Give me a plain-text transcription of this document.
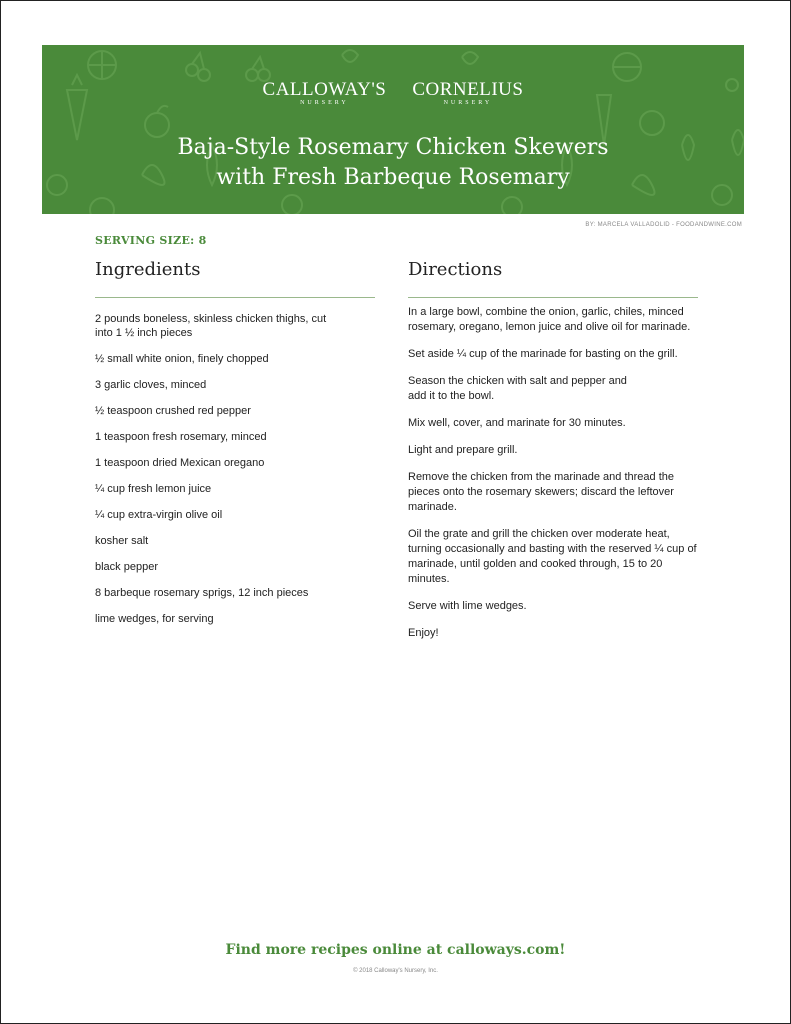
CALLOWAY'S
NURSERY
CORNELIUS
NURSERY
Baja-Style Rosemary Chicken Skewers
with Fresh Barbeque Rosemary
BY: MARCELA VALLADOLID - FOODANDWINE.COM
SERVING SIZE: 8
Ingredients	Directions
2 pounds boneless, skinless chicken thighs, cut into 1 ½ inch pieces
½ small white onion, finely chopped
3 garlic cloves, minced
½ teaspoon crushed red pepper
1 teaspoon fresh rosemary, minced
1 teaspoon dried Mexican oregano
¼ cup fresh lemon juice
¼ cup extra-virgin olive oil
kosher salt
black pepper
8 barbeque rosemary sprigs, 12 inch pieces
lime wedges, for serving
In a large bowl, combine the onion, garlic, chiles, minced rosemary, oregano, lemon juice and olive oil for marinade.
Set aside ¼ cup of the marinade for basting on the grill.
Season the chicken with salt and pepper and add it to the bowl.
Mix well, cover, and marinate for 30 minutes.
Light and prepare grill.
Remove the chicken from the marinade and thread the pieces onto the rosemary skewers; discard the leftover marinade.
Oil the grate and grill the chicken over moderate heat, turning occasionally and basting with the reserved ¼ cup of marinade, until golden and cooked through, 15 to 20 minutes.
Serve with lime wedges.
Enjoy!
Find more recipes online at calloways.com!
© 2018 Calloway's Nursery, Inc.
